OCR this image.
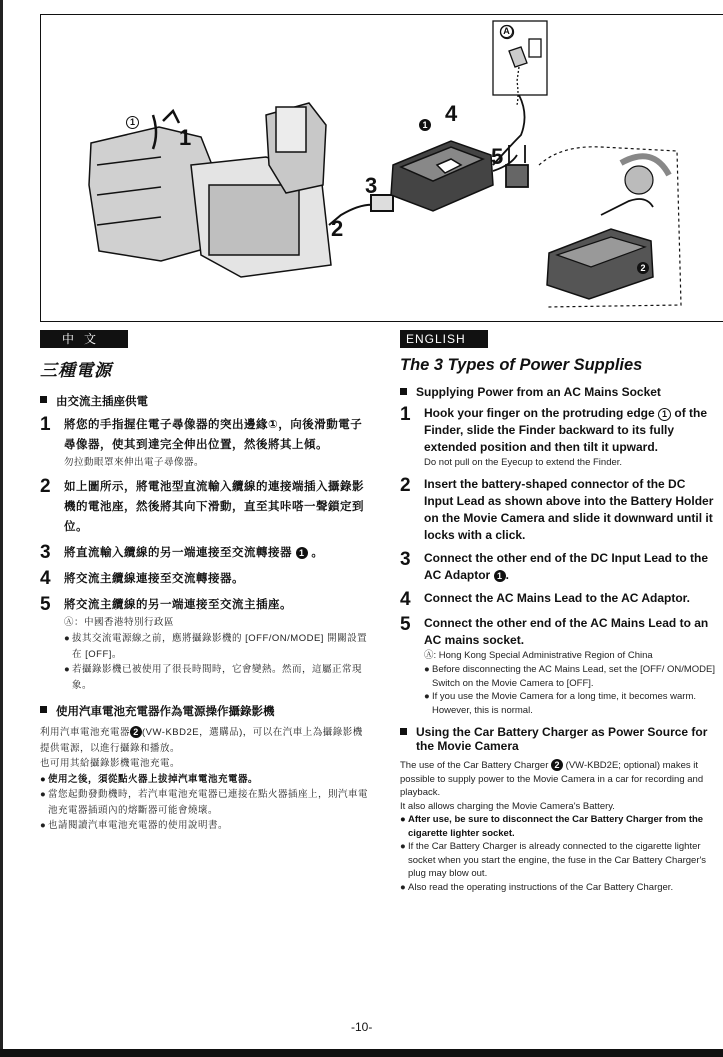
1
2
3
4
5
1	1
2
A
中文
三種電源
由交流主插座供電
1	將您的手指握住電子尋像器的突出邊緣①，向後滑動電子尋像器，使其到達完全伸出位置，然後將其上傾。
勿拉動眼罩來伸出電子尋像器。
2	如上圖所示，將電池型直流輸入纜線的連接端插入攝錄影機的電池座，然後將其向下滑動，直至其咔嗒一聲鎖定到位。
3	將直流輸入纜線的另一端連接至交流轉接器 1 。
4	將交流主纜線連接至交流轉接器。
5	將交流主纜線的另一端連接至交流主插座。
Ⓐ：中國香港特別行政區
● 拔其交流電源線之前，應將攝錄影機的 [OFF/ON/MODE] 開關設置在 [OFF]。
● 若攝錄影機已被使用了很長時間時，它會變熱。然而，這屬正常現象。
使用汽車電池充電器作為電源操作攝錄影機
利用汽車電池充電器 2 (VW-KBD2E，選購品)，可以在汽車上為攝錄影機提供電源，以進行攝錄和播放。
也可用其給攝錄影機電池充電。
● 使用之後，須從點火器上拔掉汽車電池充電器。
● 當您起動發動機時，若汽車電池充電器已連接在點火器插座上，則汽車電池充電器插頭內的熔斷器可能會燒壞。
● 也請閱讀汽車電池充電器的使用說明書。
ENGLISH
The 3 Types of Power Supplies
Supplying Power from an AC Mains Socket
1	Hook your finger on the protruding edge 1 of the Finder, slide the Finder backward to its fully extended position and then tilt it upward.
Do not pull on the Eyecup to extend the Finder.
2	Insert the battery-shaped connector of the DC Input Lead as shown above into the Battery Holder on the Movie Camera and slide it downward until it locks with a click.
3	Connect the other end of the DC Input Lead to the AC Adaptor 1 .
4	Connect the AC Mains Lead to the AC Adaptor.
5	Connect the other end of the AC Mains Lead to an AC mains socket.
Ⓐ: Hong Kong Special Administrative Region of China
● Before disconnecting the AC Mains Lead, set the [OFF/ ON/MODE] Switch on the Movie Camera to [OFF].
● If you use the Movie Camera for a long time, it becomes warm. However, this is normal.
Using the Car Battery Charger as Power Source for the Movie Camera
The use of the Car Battery Charger 2 (VW-KBD2E; optional) makes it possible to supply power to the Movie Camera in a car for recording and playback.
It also allows charging the Movie Camera's Battery.
● After use, be sure to disconnect the Car Battery Charger from the cigarette lighter socket.
● If the Car Battery Charger is already connected to the cigarette lighter socket when you start the engine, the fuse in the Car Battery Charger's plug may blow out.
● Also read the operating instructions of the Car Battery Charger.
-10-
